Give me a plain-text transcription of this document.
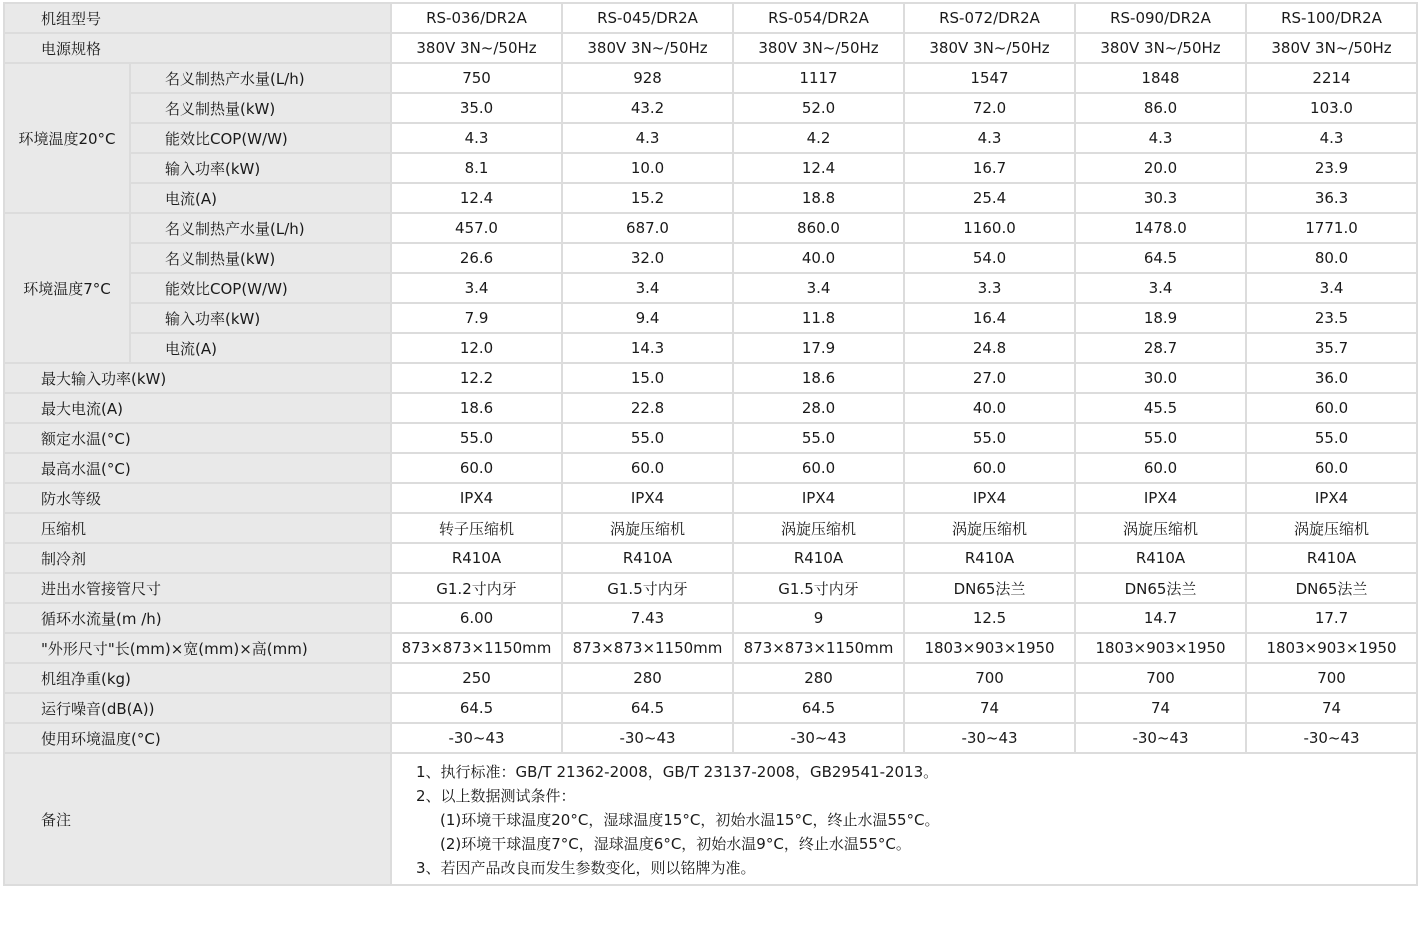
机组型号		RS-036/DR2A	RS-045/DR2A	RS-054/DR2A	RS-072/DR2A	RS-090/DR2A	RS-100/DR2A
电源规格		380V 3N~/50Hz	380V 3N~/50Hz	380V 3N~/50Hz	380V 3N~/50Hz	380V 3N~/50Hz	380V 3N~/50Hz
环境温度20°C	名义制热产水量(L/h)	750	928	1117	1547	1848	2214
	名义制热量(kW)	35.0	43.2	52.0	72.0	86.0	103.0
	能效比COP(W/W)	4.3	4.3	4.2	4.3	4.3	4.3
	输入功率(kW)	8.1	10.0	12.4	16.7	20.0	23.9
	电流(A)	12.4	15.2	18.8	25.4	30.3	36.3
环境温度7°C	名义制热产水量(L/h)	457.0	687.0	860.0	1160.0	1478.0	1771.0
	名义制热量(kW)	26.6	32.0	40.0	54.0	64.5	80.0
	能效比COP(W/W)	3.4	3.4	3.4	3.3	3.4	3.4
	输入功率(kW)	7.9	9.4	11.8	16.4	18.9	23.5
	电流(A)	12.0	14.3	17.9	24.8	28.7	35.7
最大输入功率(kW)		12.2	15.0	18.6	27.0	30.0	36.0
最大电流(A)		18.6	22.8	28.0	40.0	45.5	60.0
额定水温(°C)		55.0	55.0	55.0	55.0	55.0	55.0
最高水温(°C)		60.0	60.0	60.0	60.0	60.0	60.0
防水等级		IPX4	IPX4	IPX4	IPX4	IPX4	IPX4
压缩机		转子压缩机	涡旋压缩机	涡旋压缩机	涡旋压缩机	涡旋压缩机	涡旋压缩机
制冷剂		R410A	R410A	R410A	R410A	R410A	R410A
进出水管接管尺寸		G1.2寸内牙	G1.5寸内牙	G1.5寸内牙	DN65法兰	DN65法兰	DN65法兰
循环水流量(m /h)		6.00	7.43	9	12.5	14.7	17.7
"外形尺寸"长(mm)×宽(mm)×高(mm)		873×873×1150mm	873×873×1150mm	873×873×1150mm	1803×903×1950	1803×903×1950	1803×903×1950
机组净重(kg)		250	280	280	700	700	700
运行噪音(dB(A))		64.5	64.5	64.5	74	74	74
使用环境温度(°C)		-30~43	-30~43	-30~43	-30~43	-30~43	-30~43
备注		1、执行标准：GB/T 21362-2008，GB/T 23137-2008，GB29541-2013。
2、以上数据测试条件：
(1)环境干球温度20°C，湿球温度15°C，初始水温15°C，终止水温55°C。
(2)环境干球温度7°C，湿球温度6°C，初始水温9°C，终止水温55°C。
3、若因产品改良而发生参数变化，则以铭牌为准。					
